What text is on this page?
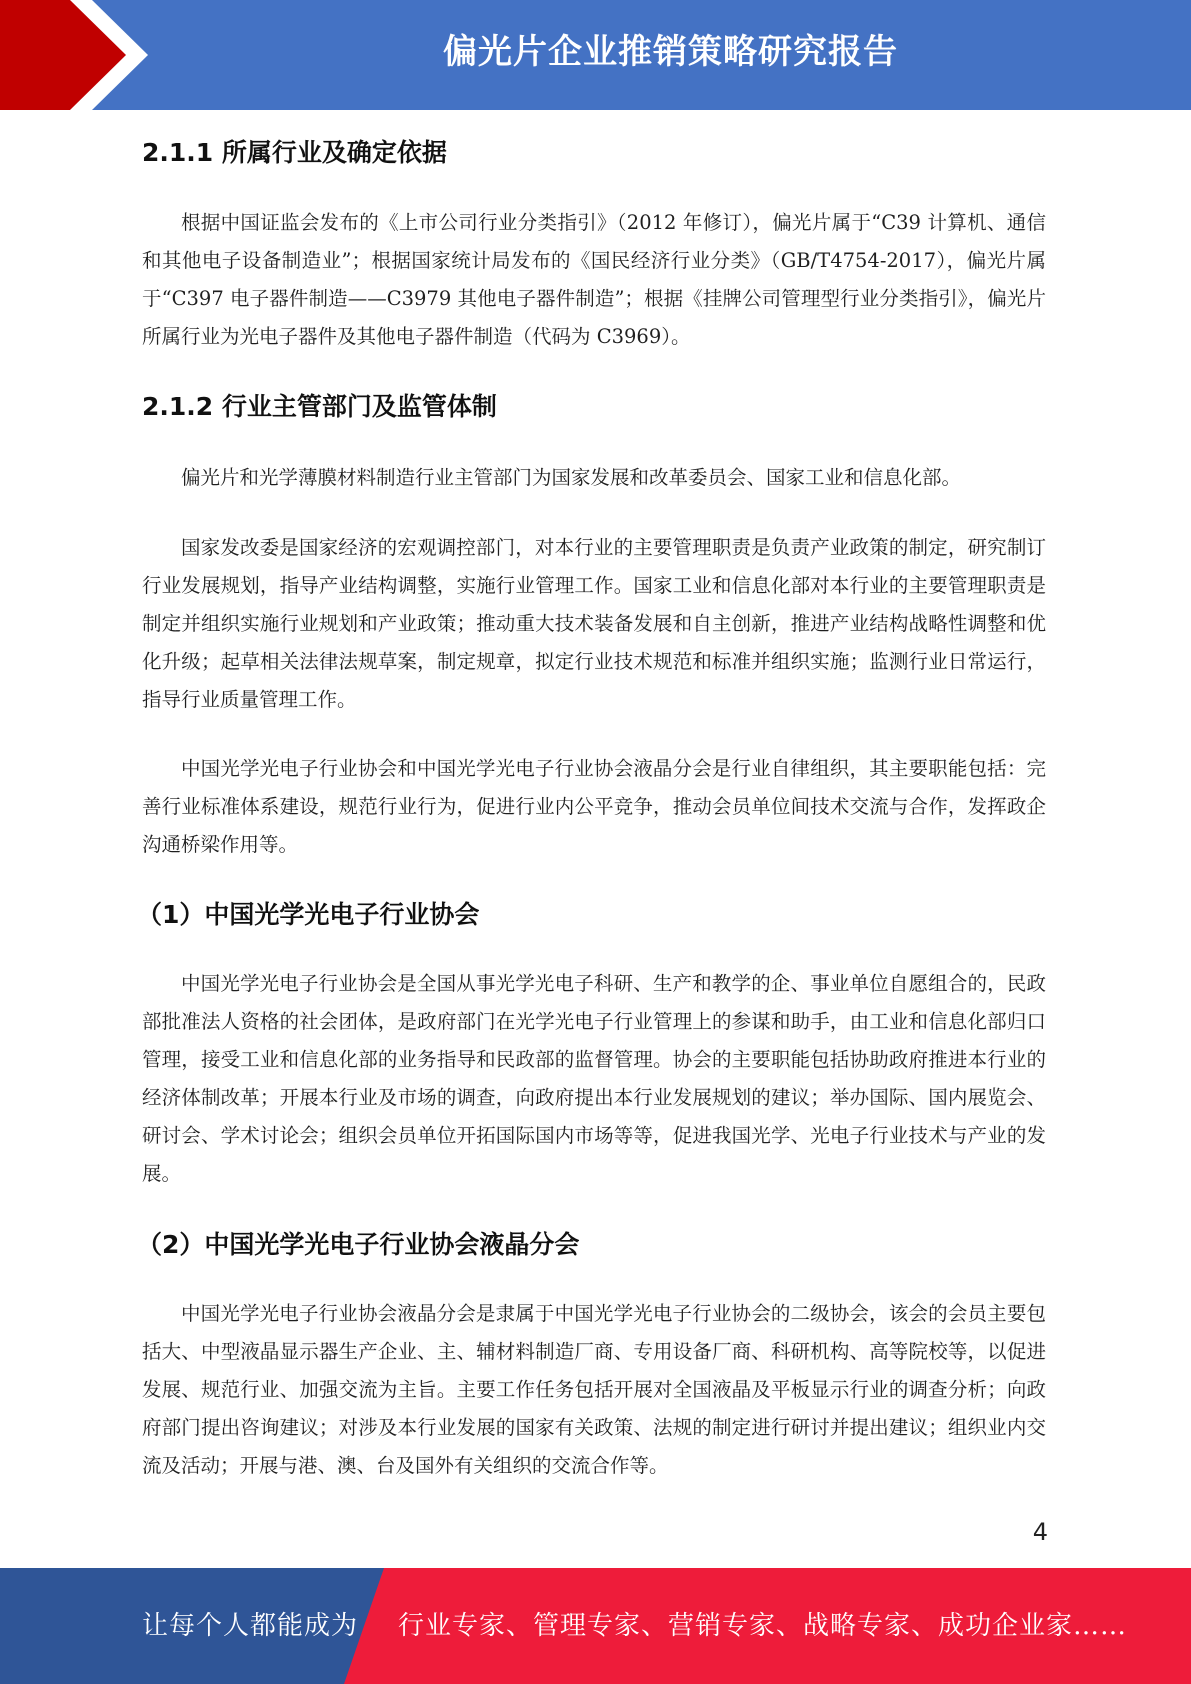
偏光片企业推销策略研究报告
2.1.1 所属行业及确定依据

根据中国证监会发布的《上市公司行业分类指引》（2012 年修订），偏光片属于“C39 计算机、通信和其他电子设备制造业”；根据国家统计局发布的《国民经济行业分类》（GB/T4754-2017），偏光片属于“C397 电子器件制造——C3979 其他电子器件制造”；根据《挂牌公司管理型行业分类指引》，偏光片所属行业为光电子器件及其他电子器件制造（代码为 C3969）。

2.1.2 行业主管部门及监管体制

偏光片和光学薄膜材料制造行业主管部门为国家发展和改革委员会、国家工业和信息化部。

国家发改委是国家经济的宏观调控部门，对本行业的主要管理职责是负责产业政策的制定，研究制订行业发展规划，指导产业结构调整，实施行业管理工作。国家工业和信息化部对本行业的主要管理职责是制定并组织实施行业规划和产业政策；推动重大技术装备发展和自主创新，推进产业结构战略性调整和优化升级；起草相关法律法规草案，制定规章，拟定行业技术规范和标准并组织实施；监测行业日常运行，指导行业质量管理工作。

中国光学光电子行业协会和中国光学光电子行业协会液晶分会是行业自律组织，其主要职能包括：完善行业标准体系建设，规范行业行为，促进行业内公平竞争，推动会员单位间技术交流与合作，发挥政企沟通桥梁作用等。

（1）中国光学光电子行业协会

中国光学光电子行业协会是全国从事光学光电子科研、生产和教学的企、事业单位自愿组合的，民政部批准法人资格的社会团体，是政府部门在光学光电子行业管理上的参谋和助手，由工业和信息化部归口管理，接受工业和信息化部的业务指导和民政部的监督管理。协会的主要职能包括协助政府推进本行业的经济体制改革；开展本行业及市场的调查，向政府提出本行业发展规划的建议；举办国际、国内展览会、研讨会、学术讨论会；组织会员单位开拓国际国内市场等等，促进我国光学、光电子行业技术与产业的发展。

（2）中国光学光电子行业协会液晶分会

中国光学光电子行业协会液晶分会是隶属于中国光学光电子行业协会的二级协会，该会的会员主要包括大、中型液晶显示器生产企业、主、辅材料制造厂商、专用设备厂商、科研机构、高等院校等，以促进发展、规范行业、加强交流为主旨。主要工作任务包括开展对全国液晶及平板显示行业的调查分析；向政府部门提出咨询建议；对涉及本行业发展的国家有关政策、法规的制定进行研讨并提出建议；组织业内交流及活动；开展与港、澳、台及国外有关组织的交流合作等。

4
让每个人都能成为 行业专家、管理专家、营销专家、战略专家、成功企业家……
